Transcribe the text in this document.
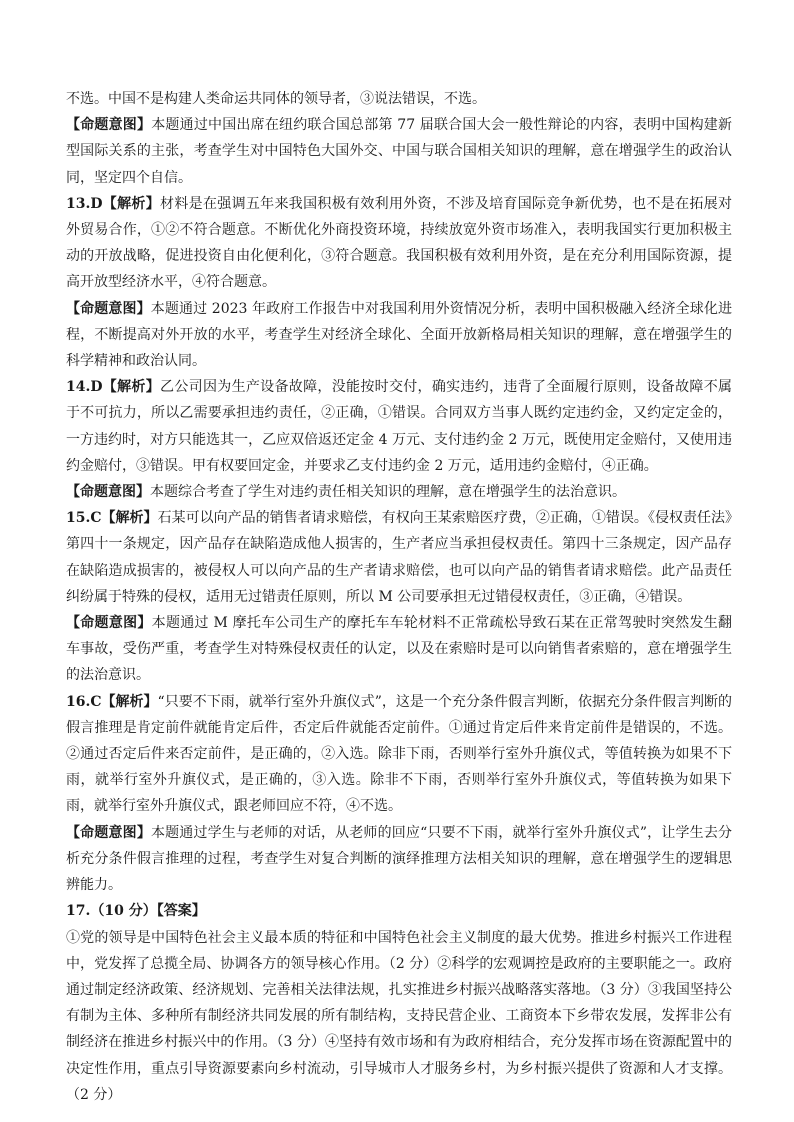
不选。中国不是构建人类命运共同体的领导者，③说法错误，不选。

【命题意图】本题通过中国出席在纽约联合国总部第 77 届联合国大会一般性辩论的内容，表明中国构建新型国际关系的主张，考查学生对中国特色大国外交、中国与联合国相关知识的理解，意在增强学生的政治认同，坚定四个自信。

13.D【解析】材料是在强调五年来我国积极有效利用外资，不涉及培育国际竞争新优势，也不是在拓展对外贸易合作，①②不符合题意。不断优化外商投资环境，持续放宽外资市场准入，表明我国实行更加积极主动的开放战略，促进投资自由化便利化，③符合题意。我国积极有效利用外资，是在充分利用国际资源，提高开放型经济水平，④符合题意。

【命题意图】本题通过 2023 年政府工作报告中对我国利用外资情况分析，表明中国积极融入经济全球化进程，不断提高对外开放的水平，考查学生对经济全球化、全面开放新格局相关知识的理解，意在增强学生的科学精神和政治认同。

14.D【解析】乙公司因为生产设备故障，没能按时交付，确实违约，违背了全面履行原则，设备故障不属于不可抗力，所以乙需要承担违约责任，②正确，①错误。合同双方当事人既约定违约金，又约定定金的，一方违约时，对方只能选其一，乙应双倍返还定金 4 万元、支付违约金 2 万元，既使用定金赔付，又使用违约金赔付，③错误。甲有权要回定金，并要求乙支付违约金 2 万元，适用违约金赔付，④正确。

【命题意图】本题综合考查了学生对违约责任相关知识的理解，意在增强学生的法治意识。

15.C【解析】石某可以向产品的销售者请求赔偿，有权向王某索赔医疗费，②正确，①错误。《侵权责任法》第四十一条规定，因产品存在缺陷造成他人损害的，生产者应当承担侵权责任。第四十三条规定，因产品存在缺陷造成损害的，被侵权人可以向产品的生产者请求赔偿，也可以向产品的销售者请求赔偿。此产品责任纠纷属于特殊的侵权，适用无过错责任原则，所以 M 公司要承担无过错侵权责任，③正确，④错误。

【命题意图】本题通过 M 摩托车公司生产的摩托车车轮材料不正常疏松导致石某在正常驾驶时突然发生翻车事故，受伤严重，考查学生对特殊侵权责任的认定，以及在索赔时是可以向销售者索赔的，意在增强学生的法治意识。

16.C【解析】“只要不下雨，就举行室外升旗仪式”，这是一个充分条件假言判断，依据充分条件假言判断的假言推理是肯定前件就能肯定后件，否定后件就能否定前件。①通过肯定后件来肯定前件是错误的，不选。②通过否定后件来否定前件，是正确的，②入选。除非下雨，否则举行室外升旗仪式，等值转换为如果不下雨，就举行室外升旗仪式，是正确的，③入选。除非不下雨，否则举行室外升旗仪式，等值转换为如果下雨，就举行室外升旗仪式，跟老师回应不符，④不选。

【命题意图】本题通过学生与老师的对话，从老师的回应“只要不下雨，就举行室外升旗仪式”，让学生去分析充分条件假言推理的过程，考查学生对复合判断的演绎推理方法相关知识的理解，意在增强学生的逻辑思辨能力。

17.（10 分）【答案】

①党的领导是中国特色社会主义最本质的特征和中国特色社会主义制度的最大优势。推进乡村振兴工作进程中，党发挥了总揽全局、协调各方的领导核心作用。（2 分）②科学的宏观调控是政府的主要职能之一。政府通过制定经济政策、经济规划、完善相关法律法规，扎实推进乡村振兴战略落实落地。（3 分）③我国坚持公有制为主体、多种所有制经济共同发展的所有制结构，支持民营企业、工商资本下乡带农发展，发挥非公有制经济在推进乡村振兴中的作用。（3 分）④坚持有效市场和有为政府相结合，充分发挥市场在资源配置中的决定性作用，重点引导资源要素向乡村流动，引导城市人才服务乡村，为乡村振兴提供了资源和人才支撑。（2 分）
